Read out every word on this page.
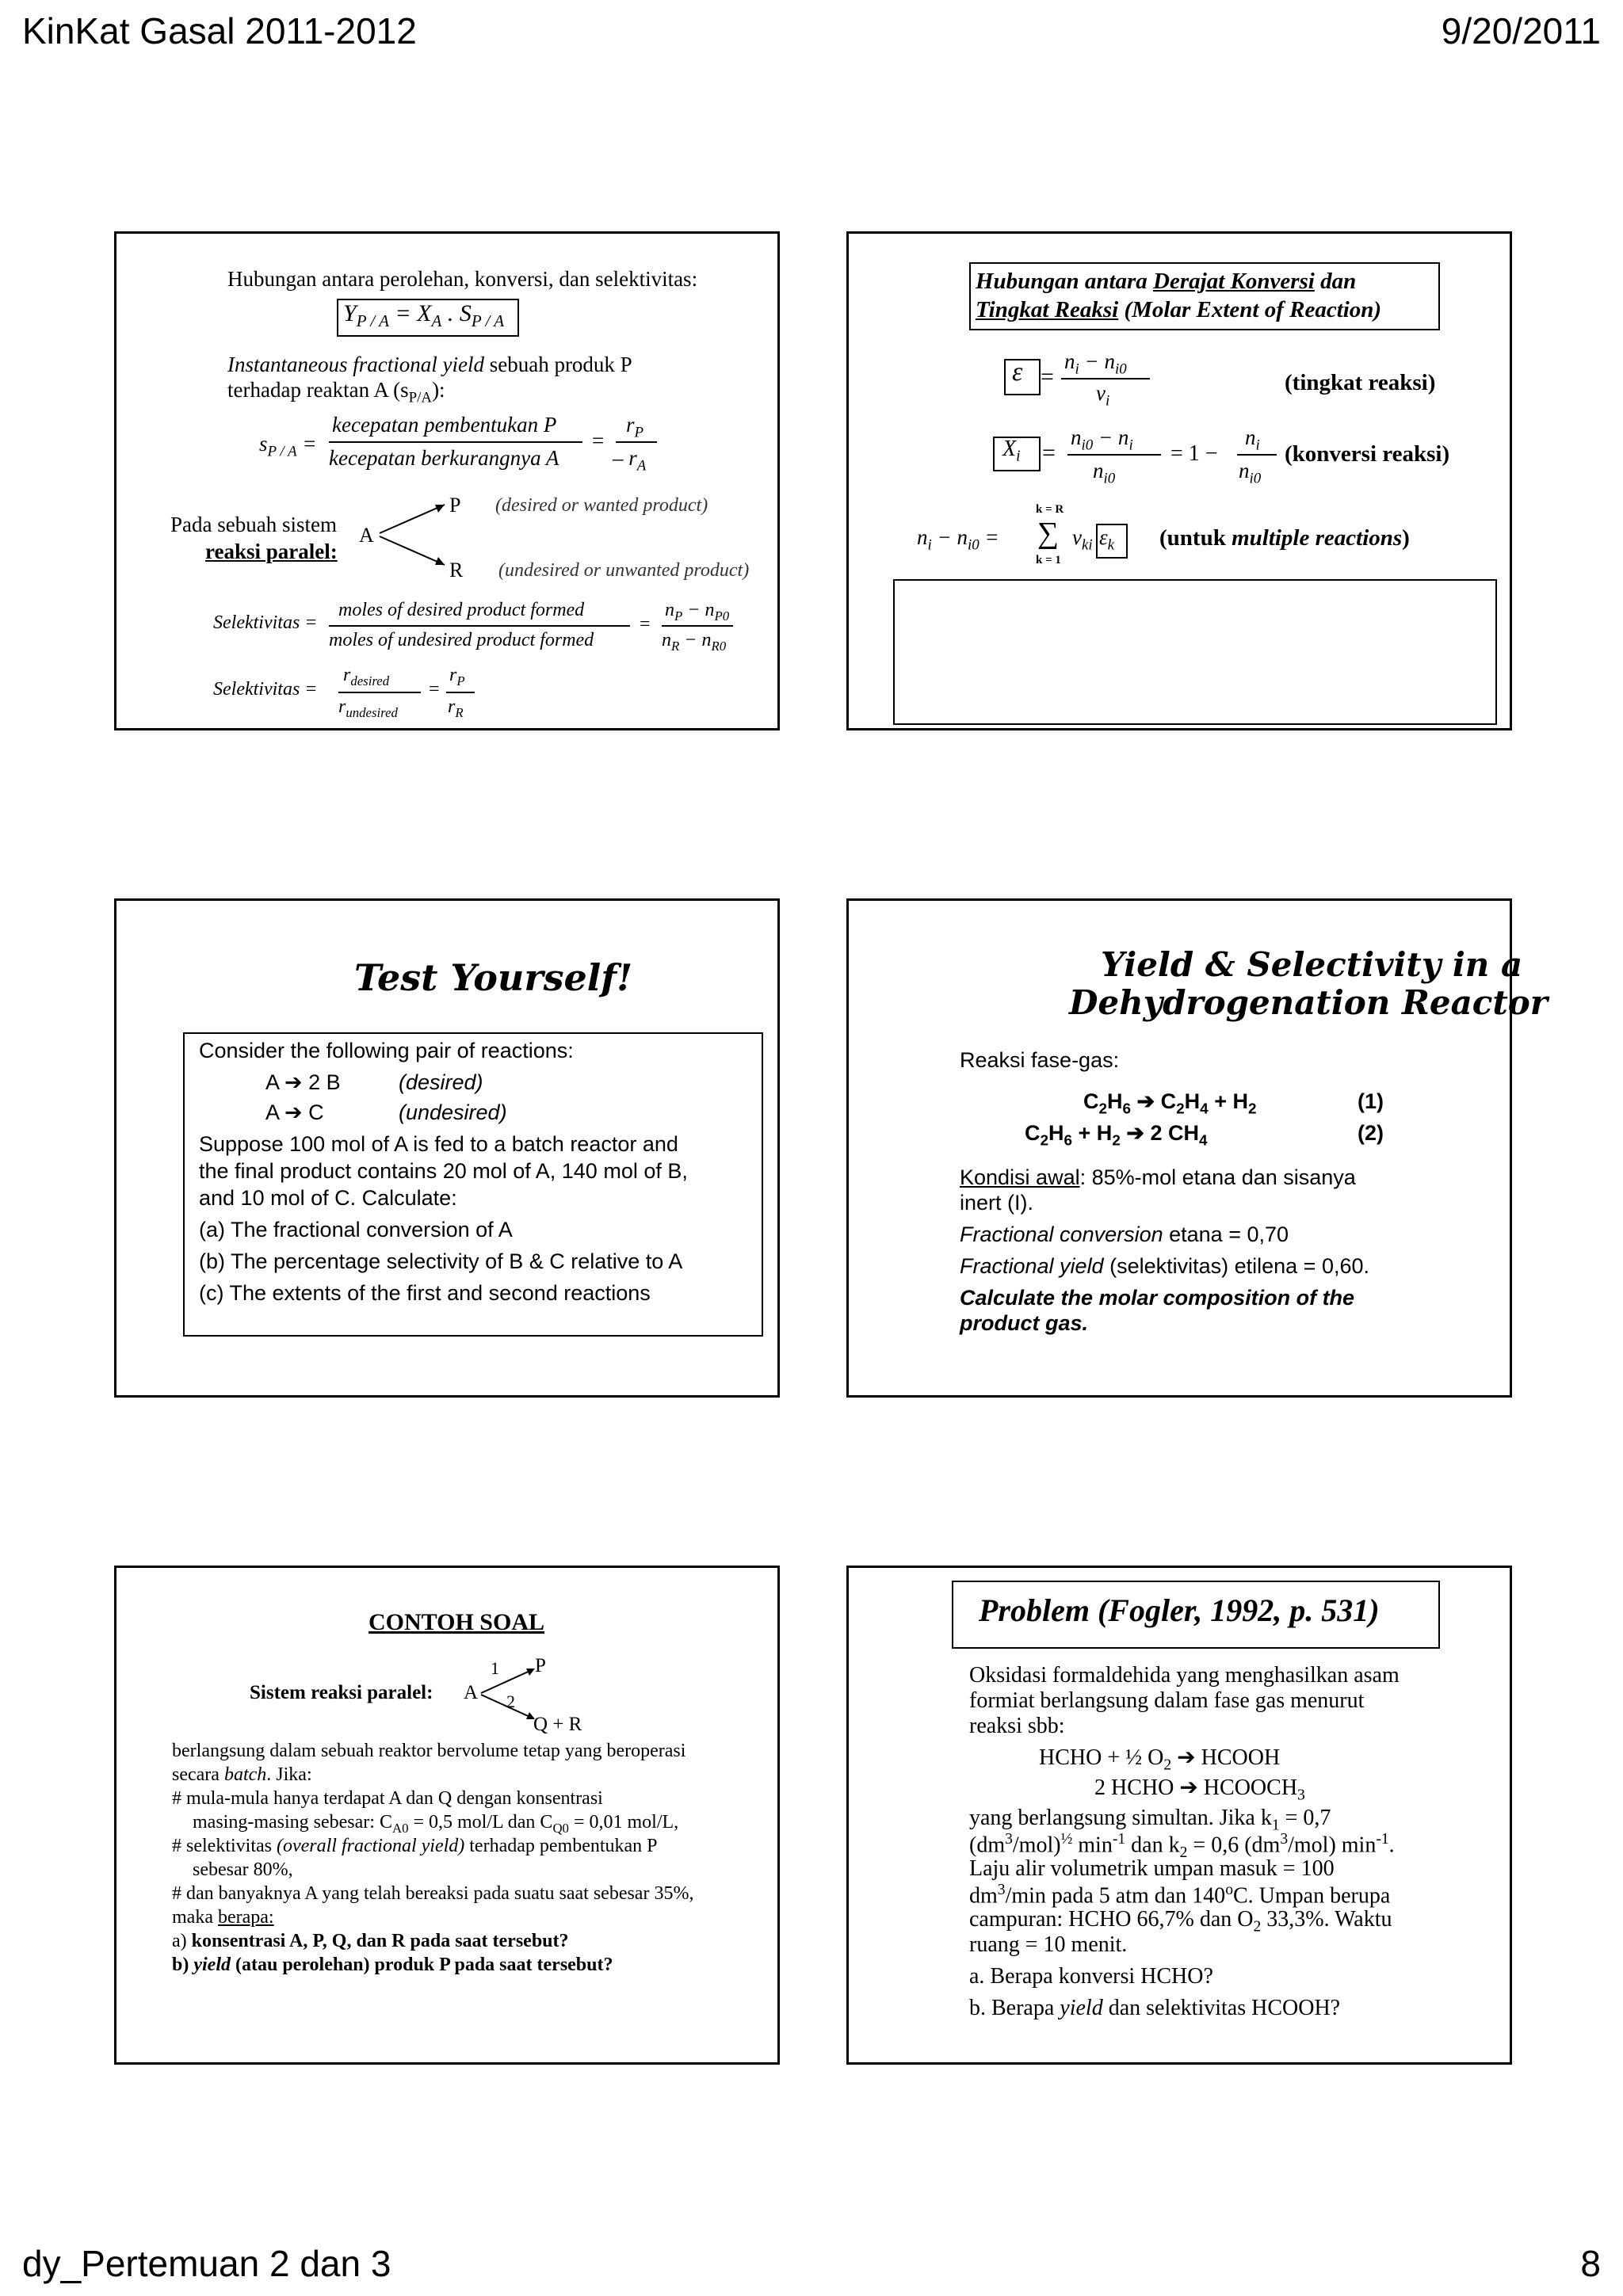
KinKat Gasal 2011-2012	9/20/2011
dy_Pertemuan 2 dan 3	8
Hubungan antara perolehan, konversi, dan selektivitas:
$Y_{P / A} = X_A$ . $S_{P / A}$
Instantaneous fractional yield sebuah produk P
terhadap reaktan A $(s_{P/A})$:
$s_{P / A}$ =
kecepatan pembentukan P
kecepatan berkurangnya A
=
$r_P$
– $r_A$
Pada sebuah sistem
reaksi paralel:
A
P
R
(desired or wanted product)
(undesired or unwanted product)
Selektivitas =
moles of desired product formed
moles of undesired product formed
=
$n_P - n_{P0}$
$n_R - n_{R0}$
Selektivitas =
$r_{desired}$
$r_{undesired}$
=
$r_P$
$r_R$
Hubungan antara Derajat Konversi dan
Tingkat Reaksi (Molar Extent of Reaction)
ε =
$n_i - n_{i0}$
$\nu_i$
(tingkat reaksi)
$X_i$ =
$n_{i0} - n_i$
$n_{i0}$
= 1 −
$n_i$
$n_{i0}$
(konversi reaksi)
$n_i - n_{i0}$ =
k = R
∑
k = 1
$\nu_{ki}$ $\varepsilon_k$ (untuk multiple reactions)
Test Yourself!
Consider the following pair of reactions:
A ➔ 2 B	(desired)
A ➔ C	(undesired)
Suppose 100 mol of A is fed to a batch reactor and
the final product contains 20 mol of A, 140 mol of B,
and 10 mol of C. Calculate:
(a) The fractional conversion of A
(b) The percentage selectivity of B & C relative to A
(c) The extents of the first and second reactions
Yield & Selectivity in a
Dehydrogenation Reactor
Reaksi fase-gas:
$C_2H_6$ ➔ $C_2H_4 + H_2$	(1)
$C_2H_6 + H_2$ ➔ 2 $CH_4$	(2)
Kondisi awal: 85%-mol etana dan sisanya
inert (I).
Fractional conversion etana = 0,70
Fractional yield (selektivitas) etilena = 0,60.
Calculate the molar composition of the
product gas.
CONTOH SOAL
Sistem reaksi paralel: A
1 P
2
Q + R
berlangsung dalam sebuah reaktor bervolume tetap yang beroperasi
secara batch. Jika:
# mula-mula hanya terdapat A dan Q dengan konsentrasi
masing-masing sebesar: $C_{A0} = 0,5$ mol/L dan $C_{Q0} = 0,01$ mol/L,
# selektivitas (overall fractional yield) terhadap pembentukan P
sebesar 80%,
# dan banyaknya A yang telah bereaksi pada suatu saat sebesar 35%,
maka berapa:
a) konsentrasi A, P, Q, dan R pada saat tersebut?
b) yield (atau perolehan) produk P pada saat tersebut?
Problem (Fogler, 1992, p. 531)
Oksidasi formaldehida yang menghasilkan asam
formiat berlangsung dalam fase gas menurut
reaksi sbb:
HCHO + ½ $O_2$ ➔ HCOOH
2 HCHO ➔ $HCOOCH_3$
yang berlangsung simultan. Jika $k_1 = 0,7$
$(dm^3/mol)^{\frac{1}{2}}$ $\min^{-1}$ dan $k_2 = 0,6$ $(dm^3/mol)$ $\min^{-1}$.
Laju alir volumetrik umpan masuk = 100
$dm^3/\min$ pada 5 atm dan 140$^o$C. Umpan berupa
campuran: HCHO 66,7% dan $O_2$ 33,3%. Waktu
ruang = 10 menit.
a. Berapa konversi HCHO?
b. Berapa yield dan selektivitas HCOOH?
